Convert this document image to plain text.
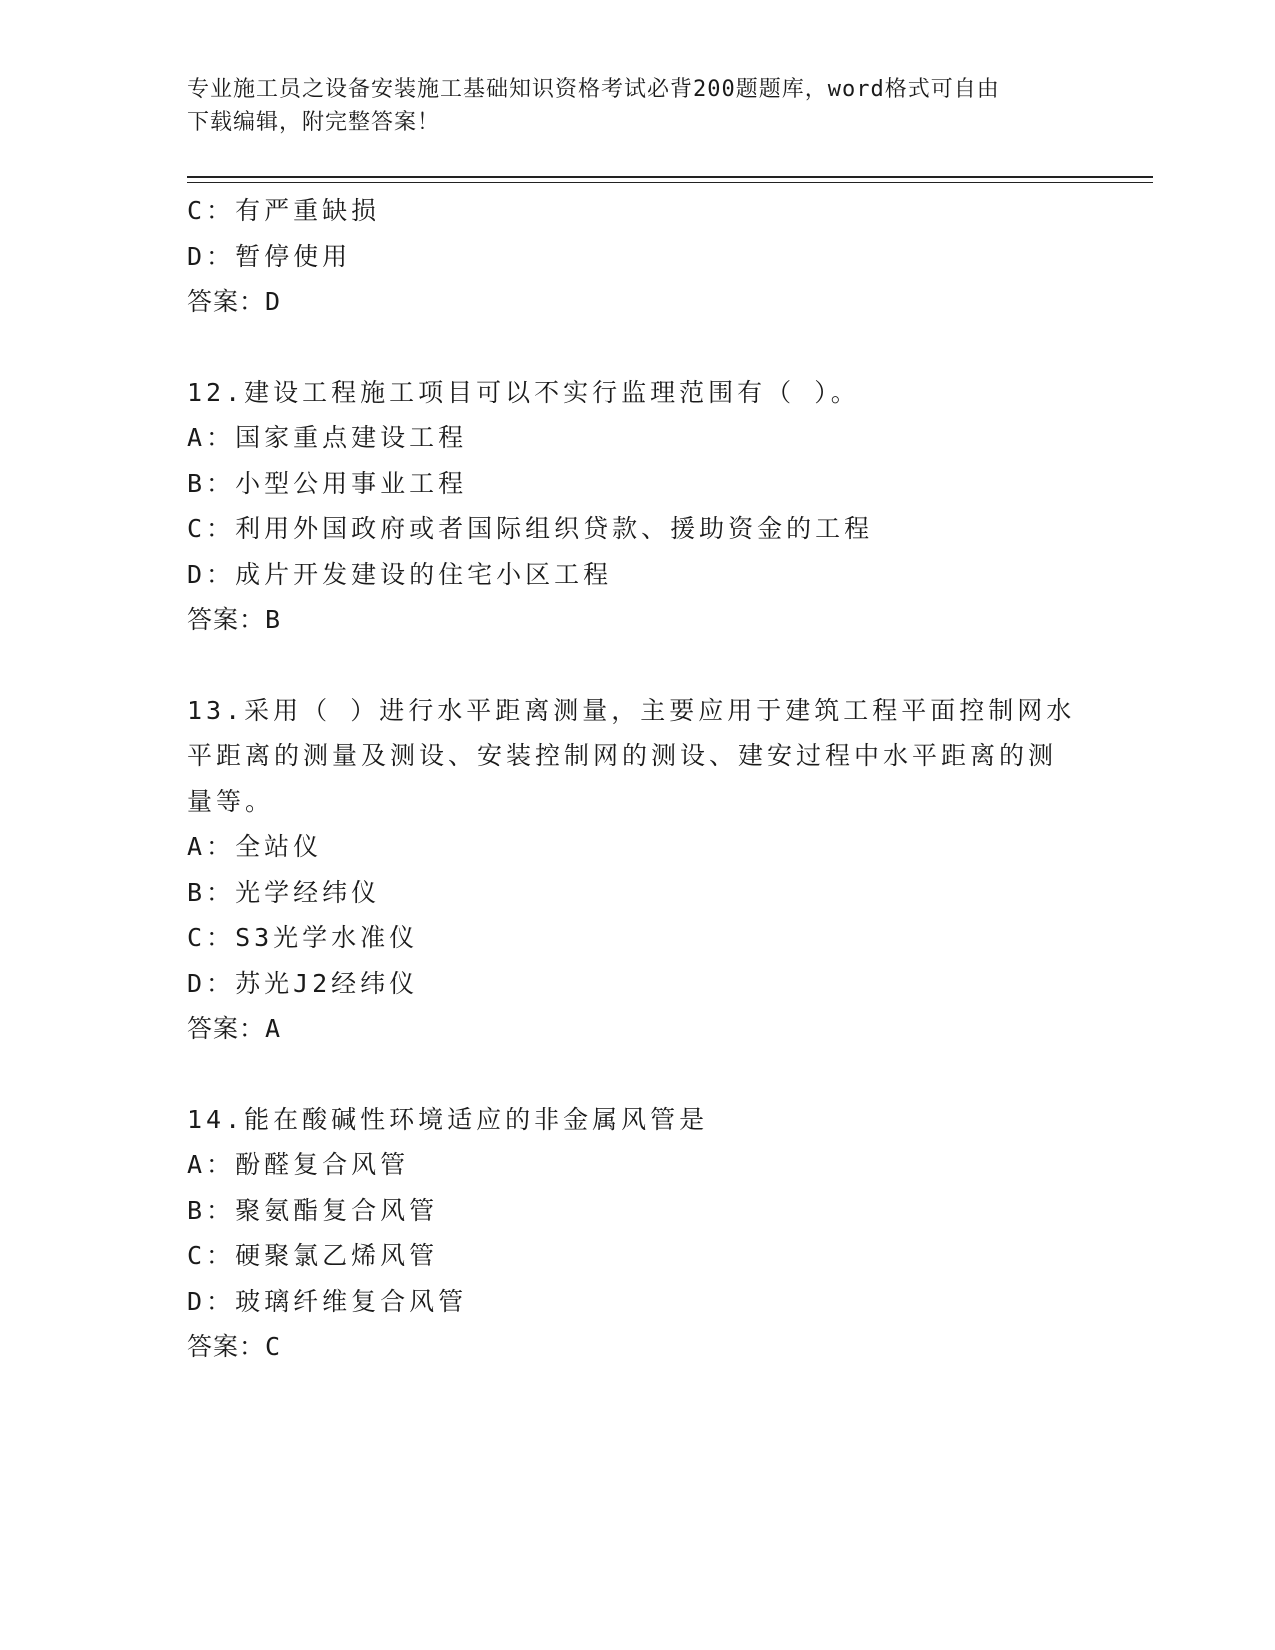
专业施工员之设备安装施工基础知识资格考试必背200题题库，word格式可自由
下载编辑，附完整答案！
C：有严重缺损
D：暂停使用
答案：D
12.建设工程施工项目可以不实行监理范围有（ ）。
A：国家重点建设工程
B：小型公用事业工程
C：利用外国政府或者国际组织贷款、援助资金的工程
D：成片开发建设的住宅小区工程
答案：B
13.采用（ ）进行水平距离测量，主要应用于建筑工程平面控制网水
平距离的测量及测设、安装控制网的测设、建安过程中水平距离的测
量等。
A：全站仪
B：光学经纬仪
C：S3光学水准仪
D：苏光J2经纬仪
答案：A
14.能在酸碱性环境适应的非金属风管是
A：酚醛复合风管
B：聚氨酯复合风管
C：硬聚氯乙烯风管
D：玻璃纤维复合风管
答案：C
